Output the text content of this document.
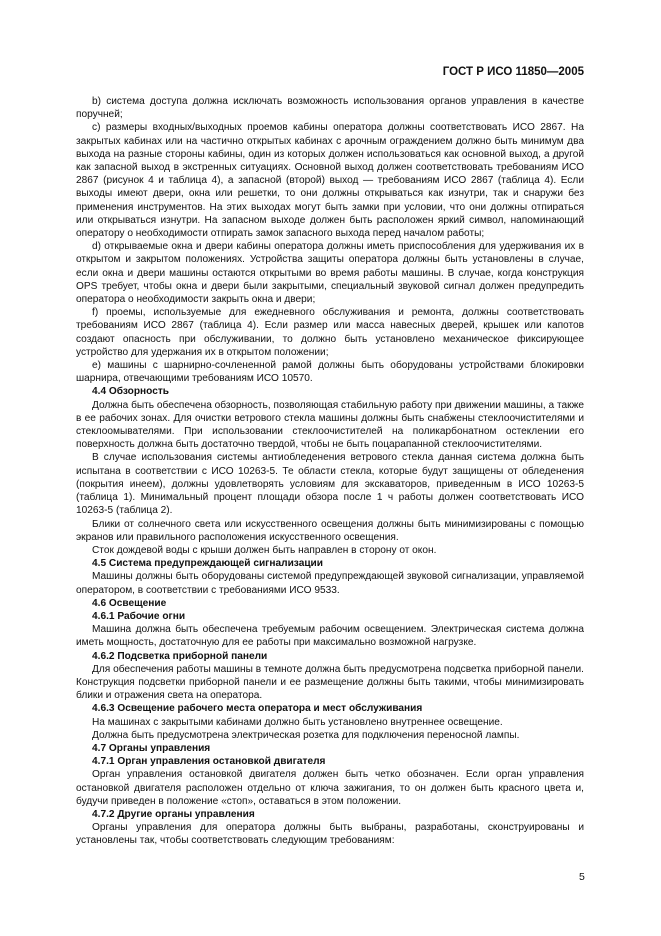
ГОСТ Р ИСО 11850—2005

b) система доступа должна исключать возможность использования органов управления в качестве поручней;

c) размеры входных/выходных проемов кабины оператора должны соответствовать ИСО 2867. На закрытых кабинах или на частично открытых кабинах с арочным ограждением должно быть минимум два выхода на разные стороны кабины, один из которых должен использоваться как основной выход, а другой как запасной выход в экстренных ситуациях. Основной выход должен соответствовать требованиям ИСО 2867 (рисунок 4 и таблица 4), а запасной (второй) выход — требованиям ИСО 2867 (таблица 4). Если выходы имеют двери, окна или решетки, то они должны открываться как изнутри, так и снаружи без применения инструментов. На этих выходах могут быть замки при условии, что они должны отпираться или открываться изнутри. На запасном выходе должен быть расположен яркий символ, напоминающий оператору о необходимости отпирать замок запасного выхода перед началом работы;

d) открываемые окна и двери кабины оператора должны иметь приспособления для удерживания их в открытом и закрытом положениях. Устройства защиты оператора должны быть установлены в случае, если окна и двери машины остаются открытыми во время работы машины. В случае, когда конструкция OPS требует, чтобы окна и двери были закрытыми, специальный звуковой сигнал должен предупредить оператора о необходимости закрыть окна и двери;

f) проемы, используемые для ежедневного обслуживания и ремонта, должны соответствовать требованиям ИСО 2867 (таблица 4). Если размер или масса навесных дверей, крышек или капотов создают опасность при обслуживании, то должно быть установлено механическое фиксирующее устройство для удержания их в открытом положении;

e) машины с шарнирно-сочлененной рамой должны быть оборудованы устройствами блокировки шарнира, отвечающими требованиям ИСО 10570.

4.4 Обзорность

Должна быть обеспечена обзорность, позволяющая стабильную работу при движении машины, а также в ее рабочих зонах. Для очистки ветрового стекла машины должны быть снабжены стеклоочистителями и стеклоомывателями. При использовании стеклоочистителей на поликарбонатном остеклении его поверхность должна быть достаточно твердой, чтобы не быть поцарапанной стеклоочистителями.

В случае использования системы антиобледенения ветрового стекла данная система должна быть испытана в соответствии с ИСО 10263-5. Те области стекла, которые будут защищены от обледенения (покрытия инеем), должны удовлетворять условиям для экскаваторов, приведенным в ИСО 10263-5 (таблица 1). Минимальный процент площади обзора после 1 ч работы должен соответствовать ИСО 10263-5 (таблица 2).

Блики от солнечного света или искусственного освещения должны быть минимизированы с помощью экранов или правильного расположения искусственного освещения.

Сток дождевой воды с крыши должен быть направлен в сторону от окон.

4.5 Система предупреждающей сигнализации

Машины должны быть оборудованы системой предупреждающей звуковой сигнализации, управляемой оператором, в соответствии с требованиями ИСО 9533.

4.6 Освещение
4.6.1 Рабочие огни

Машина должна быть обеспечена требуемым рабочим освещением. Электрическая система должна иметь мощность, достаточную для ее работы при максимально возможной нагрузке.

4.6.2 Подсветка приборной панели

Для обеспечения работы машины в темноте должна быть предусмотрена подсветка приборной панели. Конструкция подсветки приборной панели и ее размещение должны быть такими, чтобы минимизировать блики и отражения света на оператора.

4.6.3 Освещение рабочего места оператора и мест обслуживания

На машинах с закрытыми кабинами должно быть установлено внутреннее освещение.

Должна быть предусмотрена электрическая розетка для подключения переносной лампы.

4.7 Органы управления
4.7.1 Орган управления остановкой двигателя

Орган управления остановкой двигателя должен быть четко обозначен. Если орган управления остановкой двигателя расположен отдельно от ключа зажигания, то он должен быть красного цвета и, будучи приведен в положение «стоп», оставаться в этом положении.

4.7.2 Другие органы управления

Органы управления для оператора должны быть выбраны, разработаны, сконструированы и установлены так, чтобы соответствовать следующим требованиям:

5
